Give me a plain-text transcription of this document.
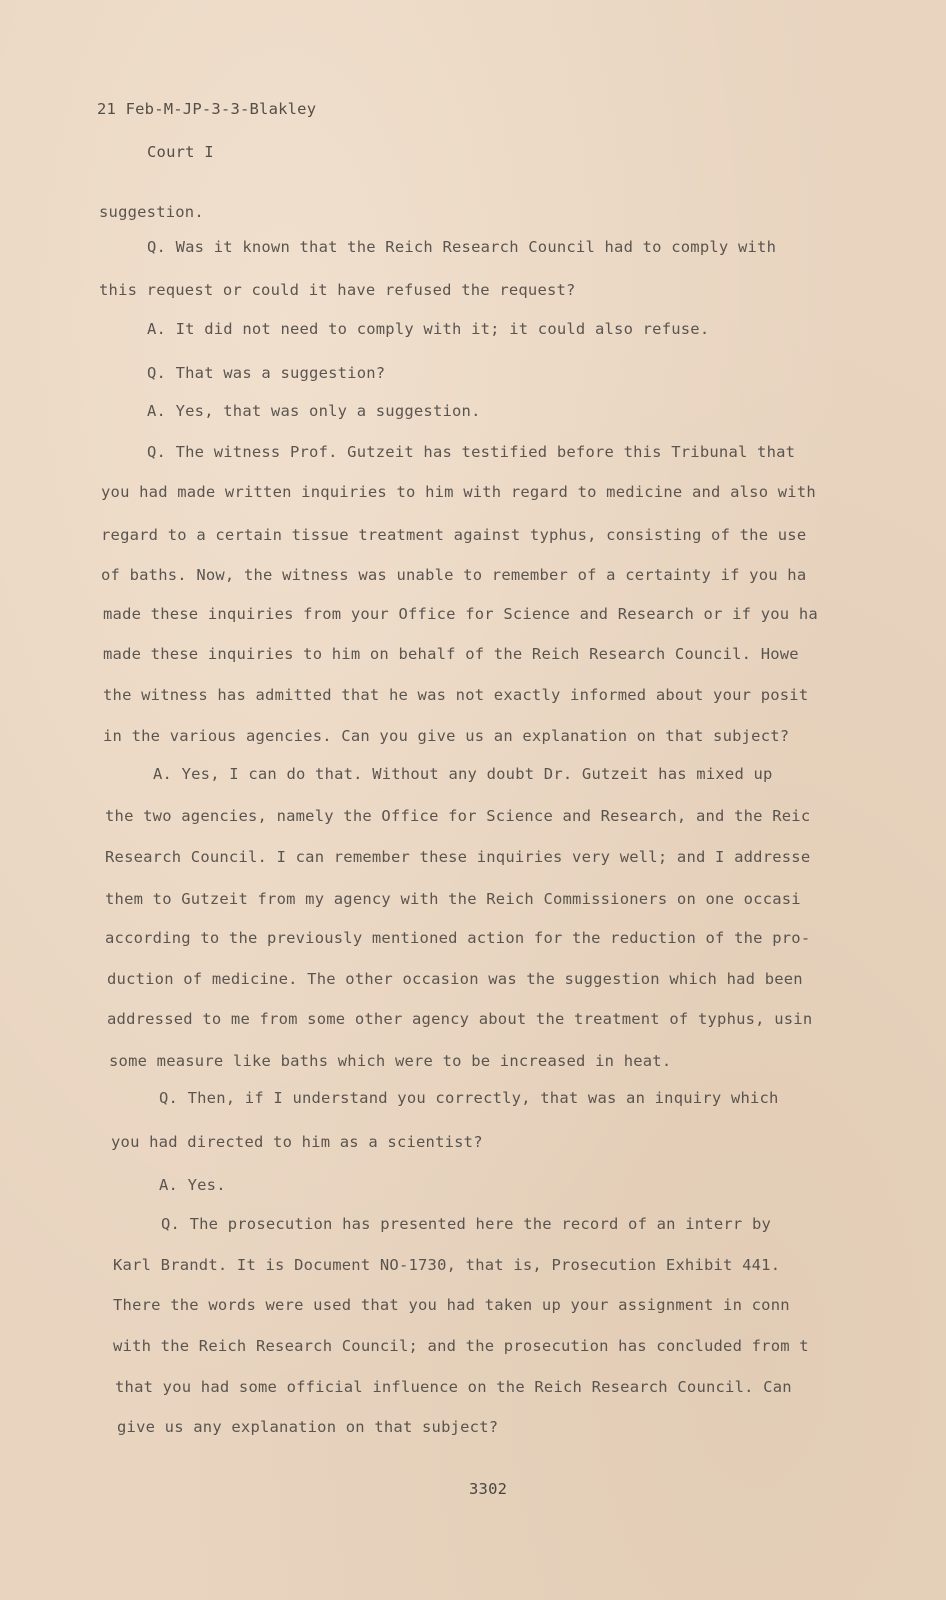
21 Feb-M-JP-3-3-Blakley
Court I
suggestion.
Q. Was it known that the Reich Research Council had to comply with
this request or could it have refused the request?
A. It did not need to comply with it; it could also refuse.
Q. That was a suggestion?
A. Yes, that was only a suggestion.
Q. The witness Prof. Gutzeit has testified before this Tribunal that
you had made written inquiries to him with regard to medicine and also with
regard to a certain tissue treatment against typhus, consisting of the use
of baths. Now, the witness was unable to remember of a certainty if you ha
made these inquiries from your Office for Science and Research or if you ha
made these inquiries to him on behalf of the Reich Research Council. Howe
the witness has admitted that he was not exactly informed about your posit
in the various agencies. Can you give us an explanation on that subject?
A. Yes, I can do that. Without any doubt Dr. Gutzeit has mixed up
the two agencies, namely the Office for Science and Research, and the Reic
Research Council. I can remember these inquiries very well; and I addresse
them to Gutzeit from my agency with the Reich Commissioners on one occasi
according to the previously mentioned action for the reduction of the pro-
duction of medicine. The other occasion was the suggestion which had been
addressed to me from some other agency about the treatment of typhus, usin
some measure like baths which were to be increased in heat.
Q. Then, if I understand you correctly, that was an inquiry which
you had directed to him as a scientist?
A. Yes.
Q. The prosecution has presented here the record of an interr by
Karl Brandt. It is Document NO-1730, that is, Prosecution Exhibit 441.
There the words were used that you had taken up your assignment in conn
with the Reich Research Council; and the prosecution has concluded from t
that you had some official influence on the Reich Research Council. Can
give us any explanation on that subject?
3302
